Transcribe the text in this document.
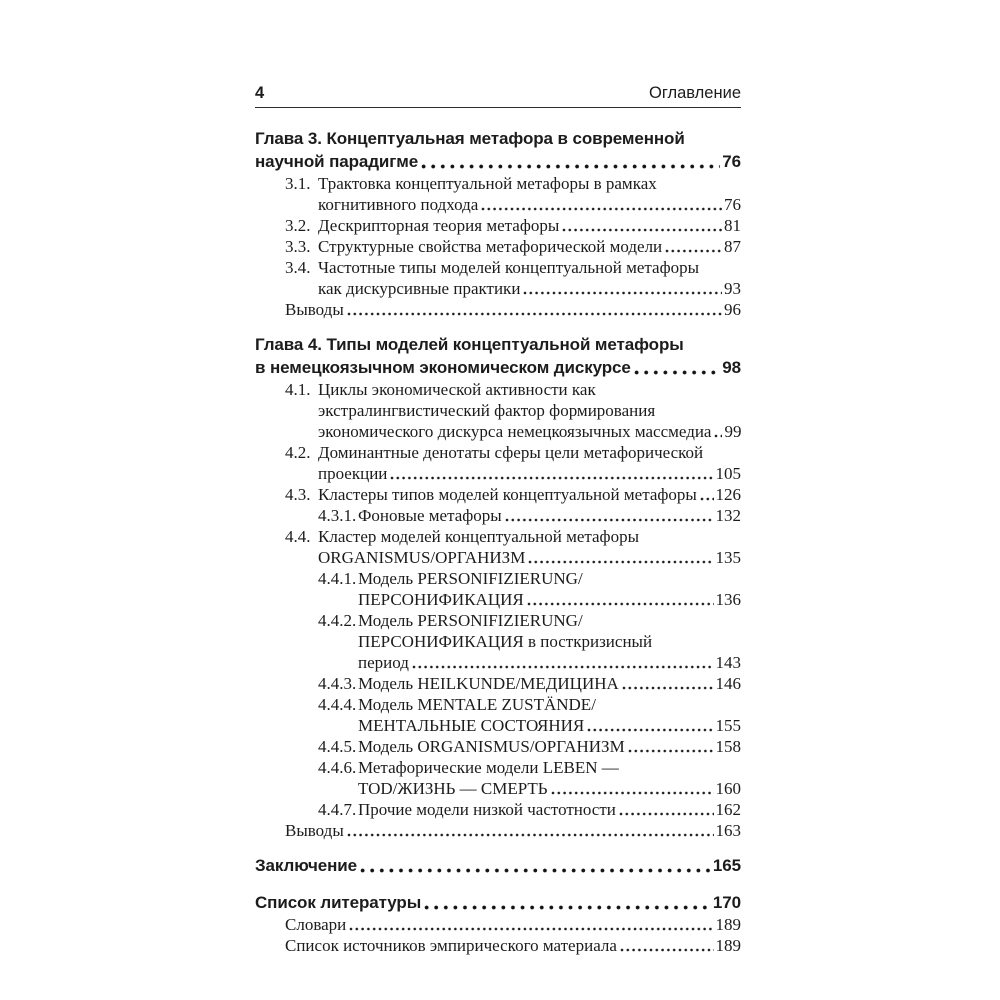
4	Оглавление
Глава 3. Концептуальная метафора в современной
научной парадигме	76
3.1. Трактовка концептуальной метафоры в рамках
когнитивного подхода	76
3.2. Дескрипторная теория метафоры	81
3.3. Структурные свойства метафорической модели	87
3.4. Частотные типы моделей концептуальной метафоры
как дискурсивные практики	93
Выводы	96
Глава 4. Типы моделей концептуальной метафоры
в немецкоязычном экономическом дискурсе	98
4.1. Циклы экономической активности как
экстралингвистический фактор формирования
экономического дискурса немецкоязычных массмедиа 99
4.2. Доминантные денотаты сферы цели метафорической
проекции	105
4.3. Кластеры типов моделей концептуальной метафоры 126
4.3.1. Фоновые метафоры	132
4.4. Кластер моделей концептуальной метафоры
ORGANISMUS/ОРГАНИЗМ	135
4.4.1. Модель PERSONIFIZIERUNG/
ПЕРСОНИФИКАЦИЯ	136
4.4.2. Модель PERSONIFIZIERUNG/
ПЕРСОНИФИКАЦИЯ в посткризисный
период	143
4.4.3. Модель HEILKUNDE/МЕДИЦИНА	146
4.4.4. Модель MENTALE ZUSTÄNDE/
МЕНТАЛЬНЫЕ СОСТОЯНИЯ	155
4.4.5. Модель ORGANISMUS/ОРГАНИЗМ	158
4.4.6. Метафорические модели LEBEN —
TOD/ЖИЗНЬ — СМЕРТЬ	160
4.4.7. Прочие модели низкой частотности	162
Выводы	163
Заключение	165
Список литературы	170
Словари	189
Список источников эмпирического материала	189
